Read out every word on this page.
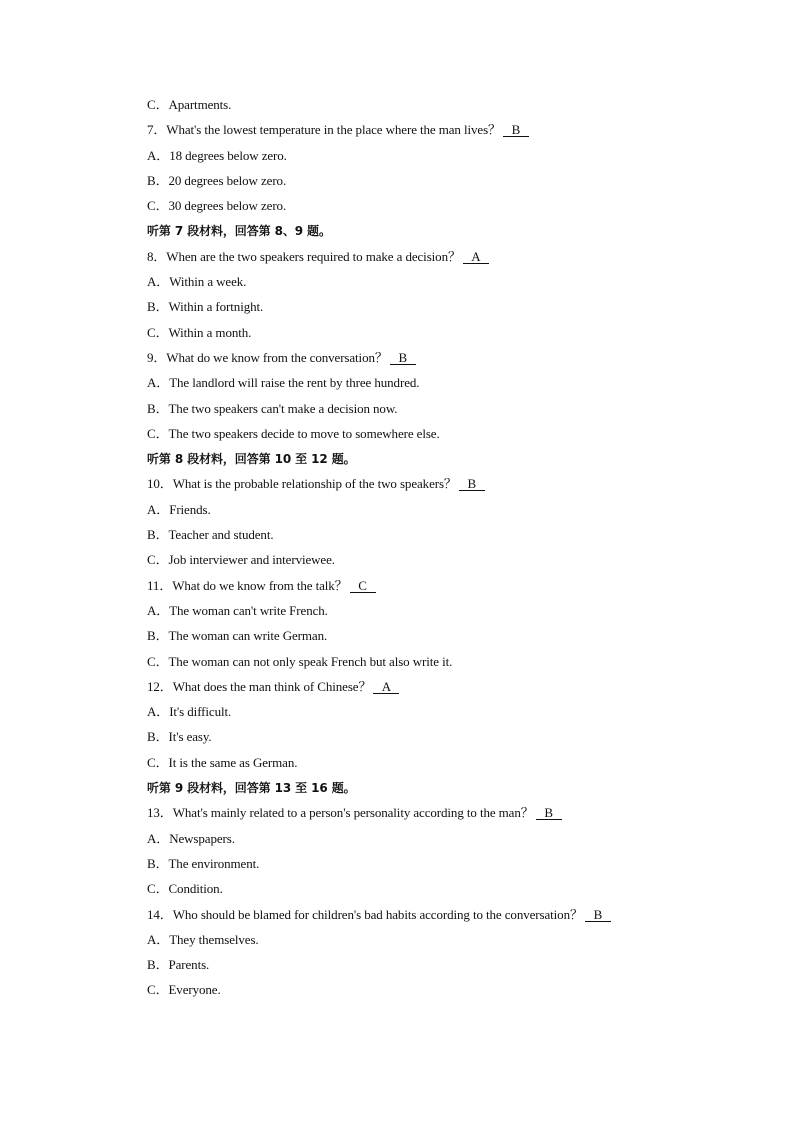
C．Apartments.
7．What's the lowest temperature in the place where the man lives？ B
A．18 degrees below zero.
B．20 degrees below zero.
C．30 degrees below zero.
听第 7 段材料，回答第 8、9 题。
8．When are the two speakers required to make a decision？ A
A．Within a week.
B．Within a fortnight.
C．Within a month.
9．What do we know from the conversation？ B
A．The landlord will raise the rent by three hundred.
B．The two speakers can't make a decision now.
C．The two speakers decide to move to somewhere else.
听第 8 段材料，回答第 10 至 12 题。
10．What is the probable relationship of the two speakers？ B
A．Friends.
B．Teacher and student.
C．Job interviewer and interviewee.
11．What do we know from the talk？ C
A．The woman can't write French.
B．The woman can write German.
C．The woman can not only speak French but also write it.
12．What does the man think of Chinese？ A
A．It's difficult.
B．It's easy.
C．It is the same as German.
听第 9 段材料，回答第 13 至 16 题。
13．What's mainly related to a person's personality according to the man？ B
A．Newspapers.
B．The environment.
C．Condition.
14．Who should be blamed for children's bad habits according to the conversation？ B
A．They themselves.
B．Parents.
C．Everyone.
